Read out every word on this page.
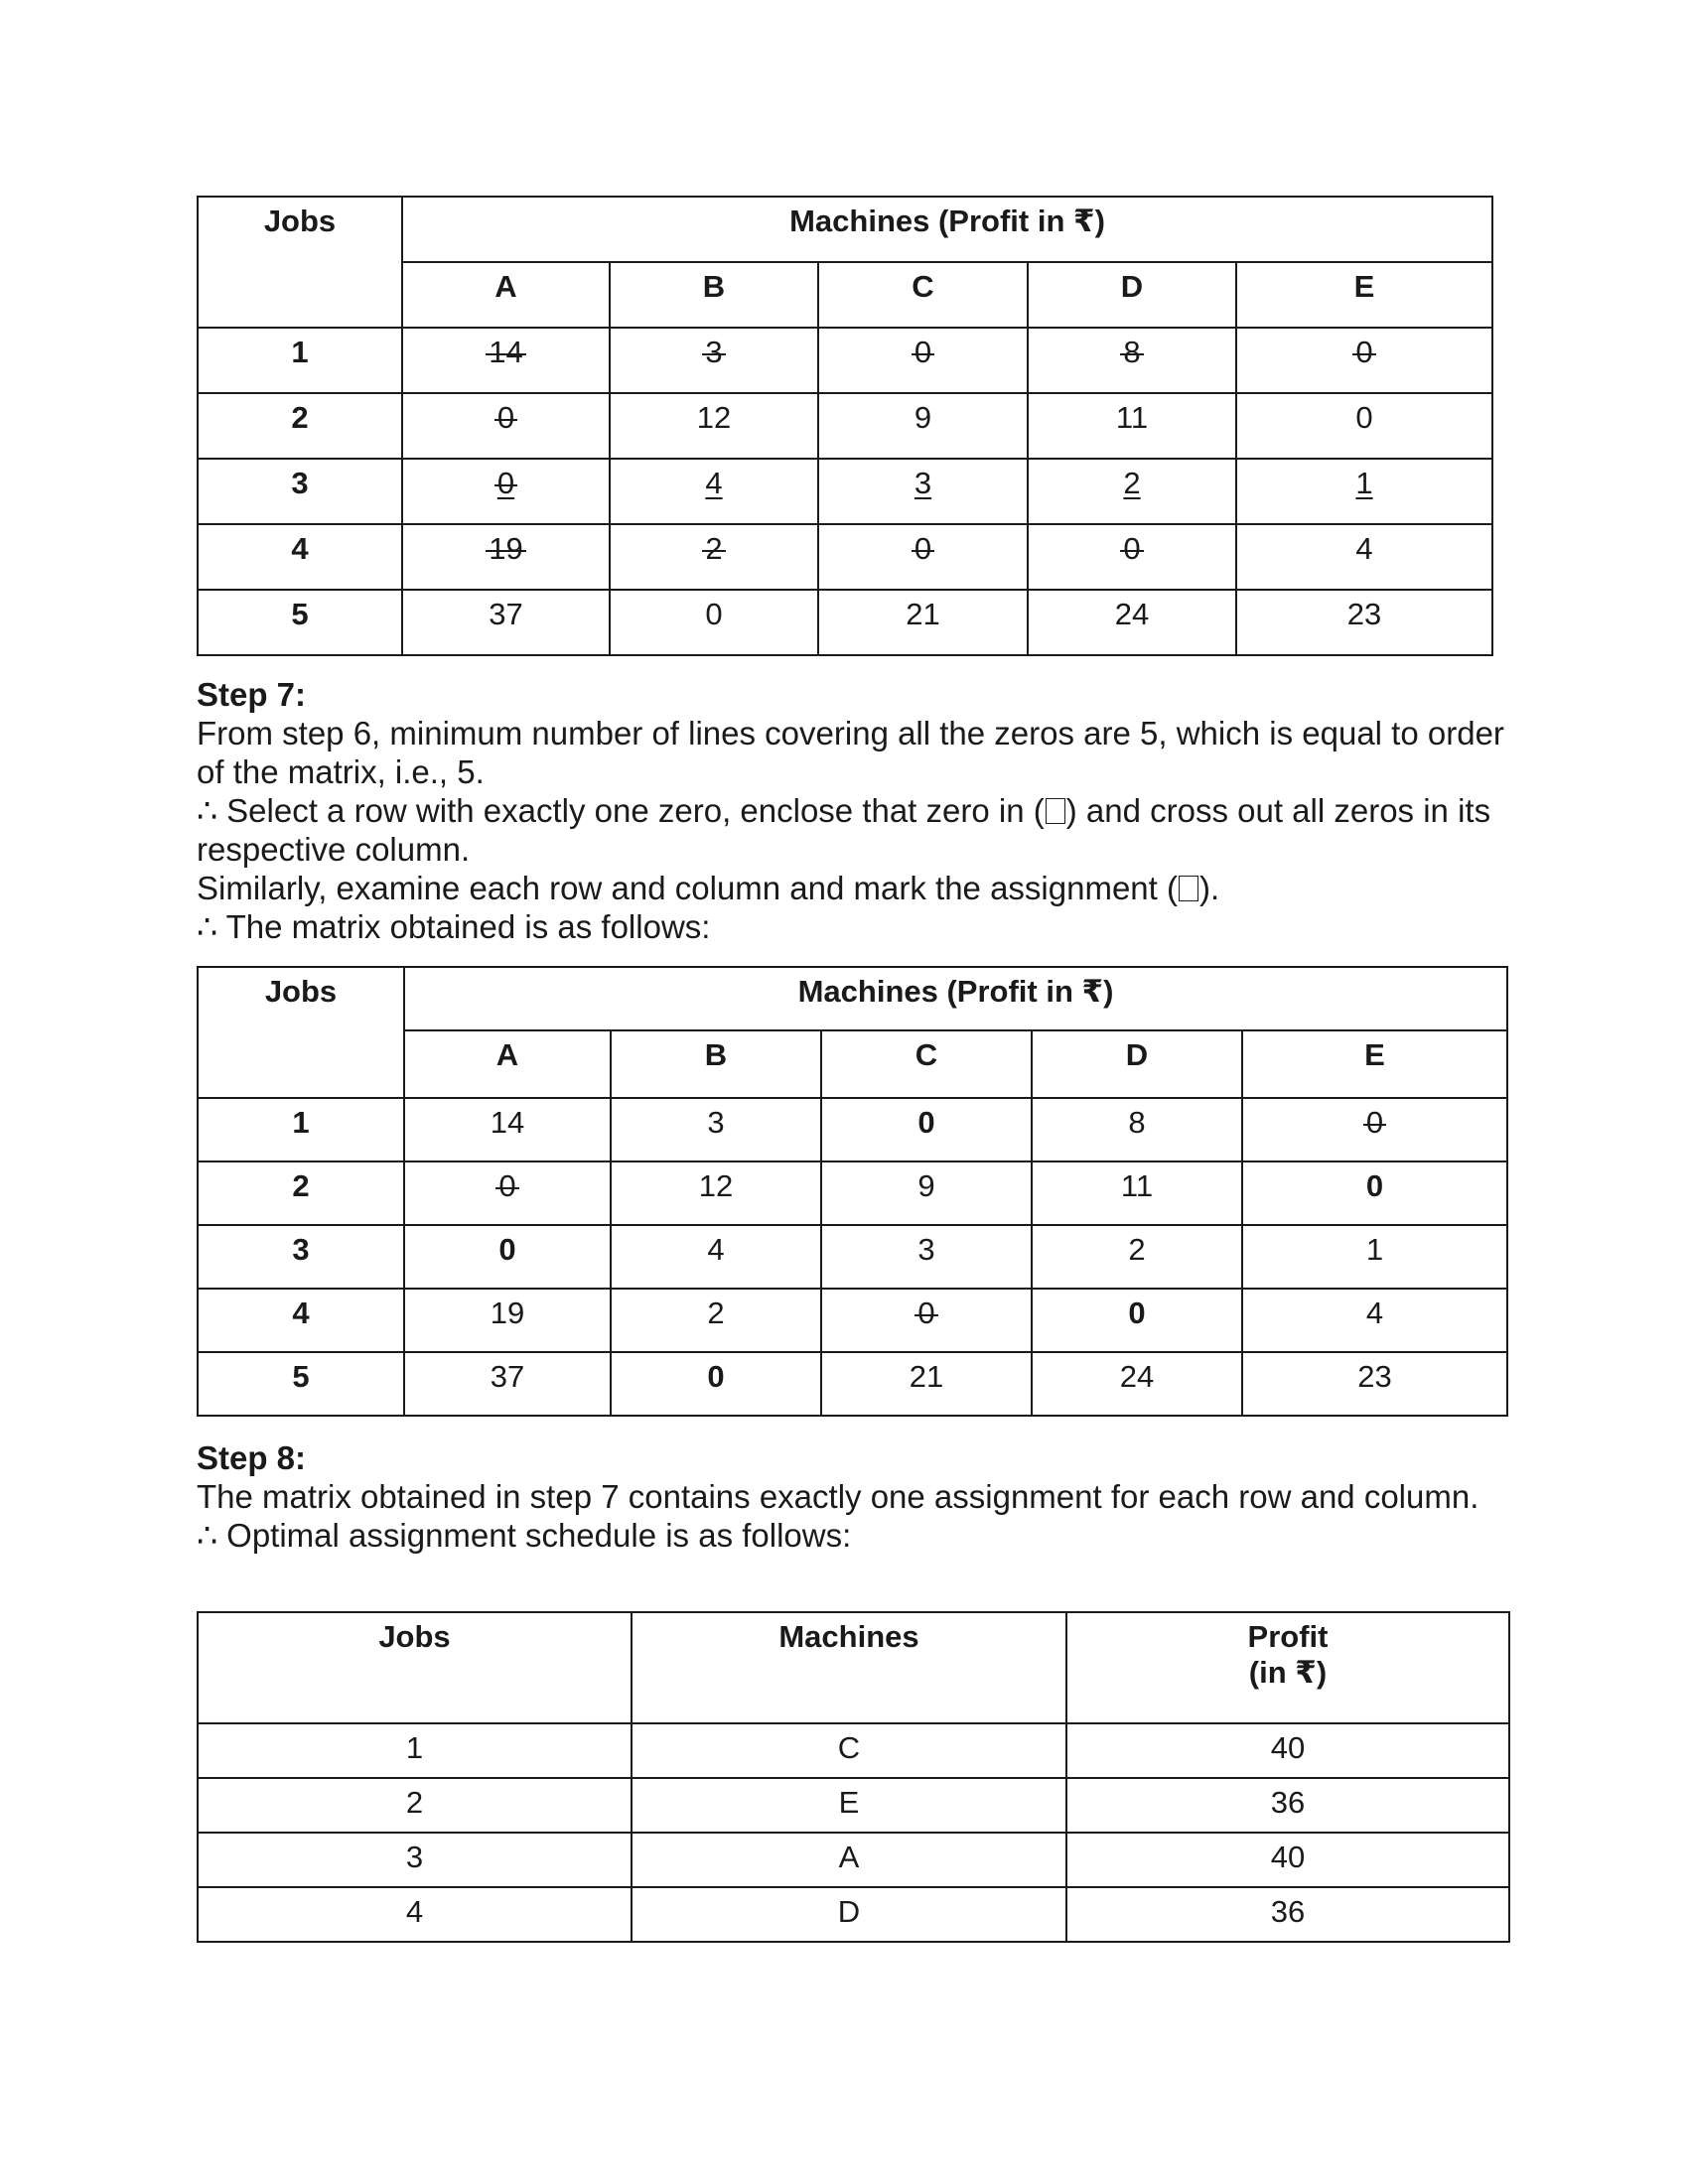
Jobs	Machines (Profit in ₹)				
	A	B	C	D	E
1	14	3	0	8	0
2	0	12	9	11	0
3	0	4	3	2	1
4	19	2	0	0	4
5	37	0	21	24	23

Step 7:

From step 6, minimum number of lines covering all the zeros are 5, which is equal to order of the matrix, i.e., 5.

∴ Select a row with exactly one zero, enclose that zero in ( ) and cross out all zeros in its respective column.

Similarly, examine each row and column and mark the assignment ( ).

∴ The matrix obtained is as follows:

Jobs	Machines (Profit in ₹)				
	A	B	C	D	E
1	14	3	0	8	0
2	0	12	9	11	0
3	0	4	3	2	1
4	19	2	0	0	4
5	37	0	21	24	23

Step 8:

The matrix obtained in step 7 contains exactly one assignment for each row and column.

∴ Optimal assignment schedule is as follows:

Jobs	Machines	Profit
(in ₹)
1	C	40
2	E	36
3	A	40
4	D	36
